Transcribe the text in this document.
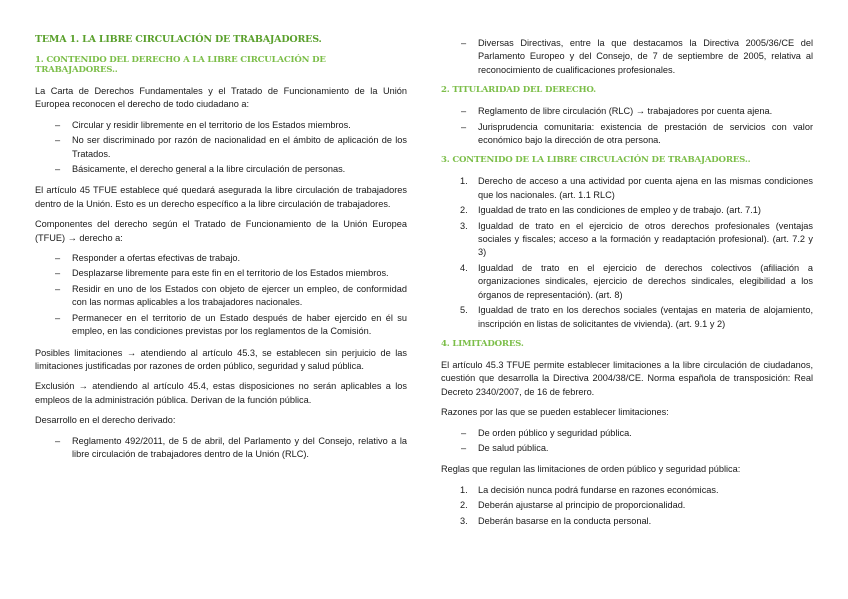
TEMA 1. LA LIBRE CIRCULACIÓN DE TRABAJADORES.
1. CONTENIDO DEL DERECHO A LA LIBRE CIRCULACIÓN DE TRABAJADORES..

La Carta de Derechos Fundamentales y el Tratado de Funcionamiento de la Unión Europea reconocen el derecho de todo ciudadano a:

– Circular y residir libremente en el territorio de los Estados miembros.
– No ser discriminado por razón de nacionalidad en el ámbito de aplicación de los Tratados.
– Básicamente, el derecho general a la libre circulación de personas.

El artículo 45 TFUE establece qué quedará asegurada la libre circulación de trabajadores dentro de la Unión. Esto es un derecho específico a la libre circulación de trabajadores.

Componentes del derecho según el Tratado de Funcionamiento de la Unión Europea (TFUE) → derecho a:

– Responder a ofertas efectivas de trabajo.
– Desplazarse libremente para este fin en el territorio de los Estados miembros.
– Residir en uno de los Estados con objeto de ejercer un empleo, de conformidad con las normas aplicables a los trabajadores nacionales.
– Permanecer en el territorio de un Estado después de haber ejercido en él su empleo, en las condiciones previstas por los reglamentos de la Comisión.

Posibles limitaciones → atendiendo al artículo 45.3, se establecen sin perjuicio de las limitaciones justificadas por razones de orden público, seguridad y salud pública.

Exclusión → atendiendo al artículo 45.4, estas disposiciones no serán aplicables a los empleos de la administración pública. Derivan de la función pública.

Desarrollo en el derecho derivado:

– Reglamento 492/2011, de 5 de abril, del Parlamento y del Consejo, relativo a la libre circulación de trabajadores dentro de la Unión (RLC).
– Diversas Directivas, entre la que destacamos la Directiva 2005/36/CE del Parlamento Europeo y del Consejo, de 7 de septiembre de 2005, relativa al reconocimiento de cualificaciones profesionales.
2. TITULARIDAD DEL DERECHO.
– Reglamento de libre circulación (RLC) → trabajadores por cuenta ajena.
– Jurisprudencia comunitaria: existencia de prestación de servicios con valor económico bajo la dirección de otra persona.
3. CONTENIDO DE LA LIBRE CIRCULACIÓN DE TRABAJADORES..
1. Derecho de acceso a una actividad por cuenta ajena en las mismas condiciones que los nacionales. (art. 1.1 RLC)
2. Igualdad de trato en las condiciones de empleo y de trabajo. (art. 7.1)
3. Igualdad de trato en el ejercicio de otros derechos profesionales (ventajas sociales y fiscales; acceso a la formación y readaptación profesional). (art. 7.2 y 3)
4. Igualdad de trato en el ejercicio de derechos colectivos (afiliación a organizaciones sindicales, ejercicio de derechos sindicales, elegibilidad a los órganos de representación). (art. 8)
5. Igualdad de trato en los derechos sociales (ventajas en materia de alojamiento, inscripción en listas de solicitantes de vivienda). (art. 9.1 y 2)
4. LIMITADORES.

El artículo 45.3 TFUE permite establecer limitaciones a la libre circulación de ciudadanos, cuestión que desarrolla la Directiva 2004/38/CE. Norma española de transposición: Real Decreto 2340/2007, de 16 de febrero.

Razones por las que se pueden establecer limitaciones:

– De orden público y seguridad pública.
– De salud pública.

Reglas que regulan las limitaciones de orden público y seguridad pública:

1. La decisión nunca podrá fundarse en razones económicas.
2. Deberán ajustarse al principio de proporcionalidad.
3. Deberán basarse en la conducta personal.
